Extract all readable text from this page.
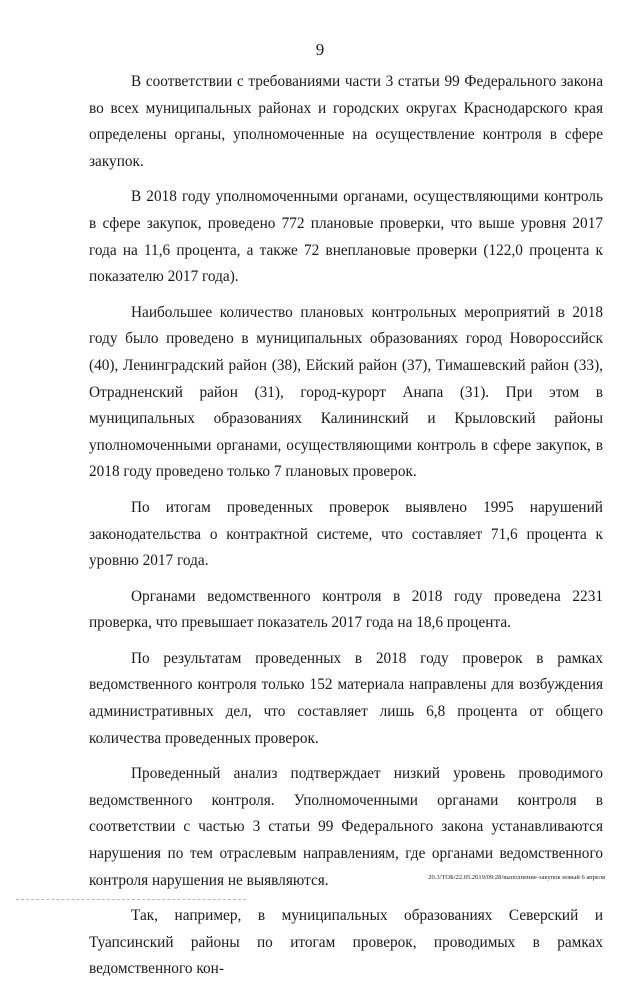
9

В соответствии с требованиями части 3 статьи 99 Федерального закона во всех муниципальных районах и городских округах Краснодарского края определены органы, уполномоченные на осуществление контроля в сфере закупок.

В 2018 году уполномоченными органами, осуществляющими контроль в сфере закупок, проведено 772 плановые проверки, что выше уровня 2017 года на 11,6 процента, а также 72 внеплановые проверки (122,0 процента к показателю 2017 года).

Наибольшее количество плановых контрольных мероприятий в 2018 году было проведено в муниципальных образованиях город Новороссийск (40), Ленинградский район (38), Ейский район (37), Тимашевский район (33), Отрадненский район (31), город-курорт Анапа (31). При этом в муниципальных образованиях Калининский и Крыловский районы уполномоченными органами, осуществляющими контроль в сфере закупок, в 2018 году проведено только 7 плановых проверок.

По итогам проведенных проверок выявлено 1995 нарушений законодательства о контрактной системе, что составляет 71,6 процента к уровню 2017 года.

Органами ведомственного контроля в 2018 году проведена 2231 проверка, что превышает показатель 2017 года на 18,6 процента.

По результатам проведенных в 2018 году проверок в рамках ведомственного контроля только 152 материала направлены для возбуждения административных дел, что составляет лишь 6,8 процента от общего количества проведенных проверок.

Проведенный анализ подтверждает низкий уровень проводимого ведомственного контроля. Уполномоченными органами контроля в соответствии с частью 3 статьи 99 Федерального закона устанавливаются нарушения по тем отраслевым направлениям, где органами ведомственного контроля нарушения не выявляются.

Так, например, в муниципальных образованиях Северский и Туапсинский районы по итогам проверок, проводимых в рамках ведомственного кон-

20.3/ТОБ/22.05.2019/09:28/выполнение-закупок новый 6 апреля
